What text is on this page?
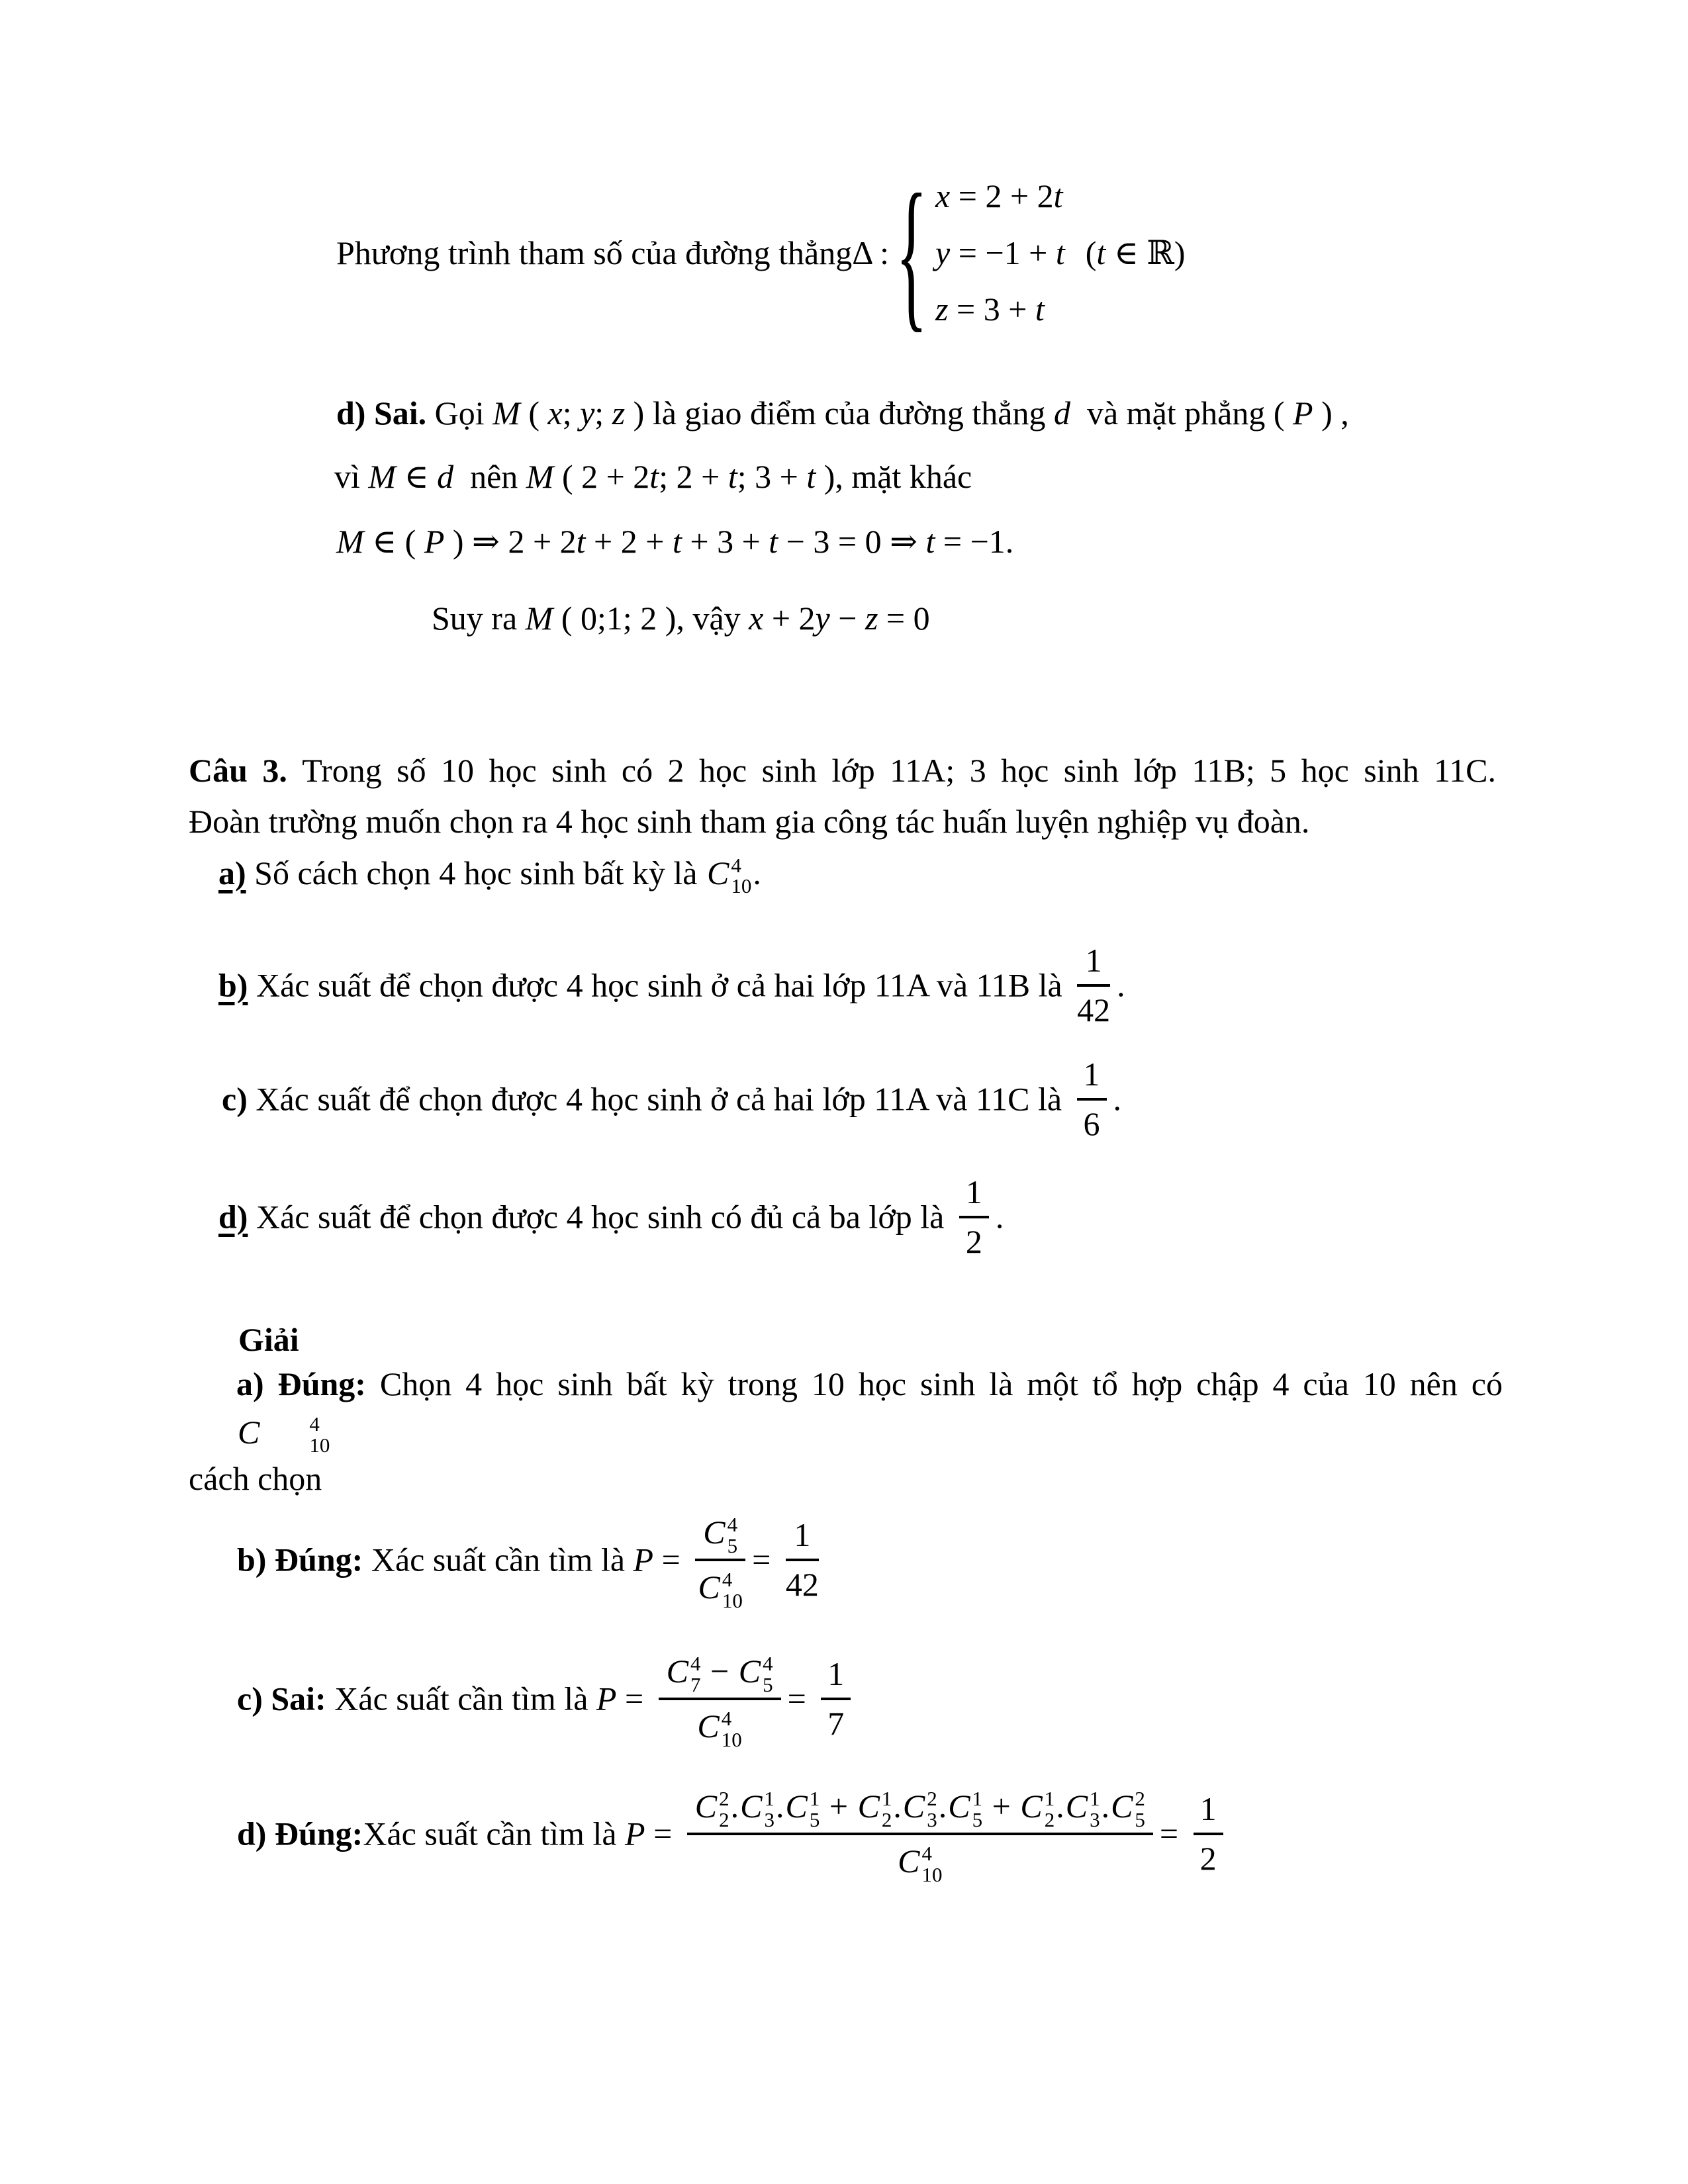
Phương trình tham số của đường thẳng Δ : { x = 2 + 2t
y = −1 + t
z = 3 + t
(t ∈ ℝ)
d) Sai. Gọi M ( x; y; z ) là giao điểm của đường thẳng d  và mặt phẳng ( P ) ,
vì M ∈ d  nên M ( 2 + 2t; 2 + t; 3 + t ), mặt khác
M ∈ ( P ) ⇒ 2 + 2t + 2 + t + 3 + t − 3 = 0 ⇒ t = −1.
Suy ra M ( 0;1; 2 ), vậy x + 2y − z = 0
Câu 3. Trong số 10 học sinh có 2 học sinh lớp 11A; 3 học sinh lớp 11B; 5 học sinh 11C.
Đoàn trường muốn chọn ra 4 học sinh tham gia công tác huấn luyện nghiệp vụ đoàn.
a) Số cách chọn 4 học sinh bất kỳ là C 4
10 .
b) Xác suất để chọn được 4 học sinh ở cả hai lớp 11A và 11B là $\frac{1}{42}$ .
c) Xác suất để chọn được 4 học sinh ở cả hai lớp 11A và 11C là $\frac{1}{6}$ .
d) Xác suất để chọn được 4 học sinh có đủ cả ba lớp là $\frac{1}{2}$ .
Giải
a) Đúng: Chọn 4 học sinh bất kỳ trong 10 học sinh là một tổ hợp chập 4 của 10 nên có
C	4
10
cách chọn
b) Đúng: Xác suất cần tìm là P = C 4
5
C 4
$10 = \frac{1}{42}$
c) Sai: Xác suất cần tìm là P = C 4
7 − C 4
5
C 4
$10 = \frac{1}{7}$
d) Đúng:Xác suất cần tìm là P = C 2
2 . C 1
3 . C 1
5 + C 1
2 . C 2
3 . C 1
5 + C 1
2 . C 1
3 . C 2
5
C 4
$10 = \frac{1}{2}$
